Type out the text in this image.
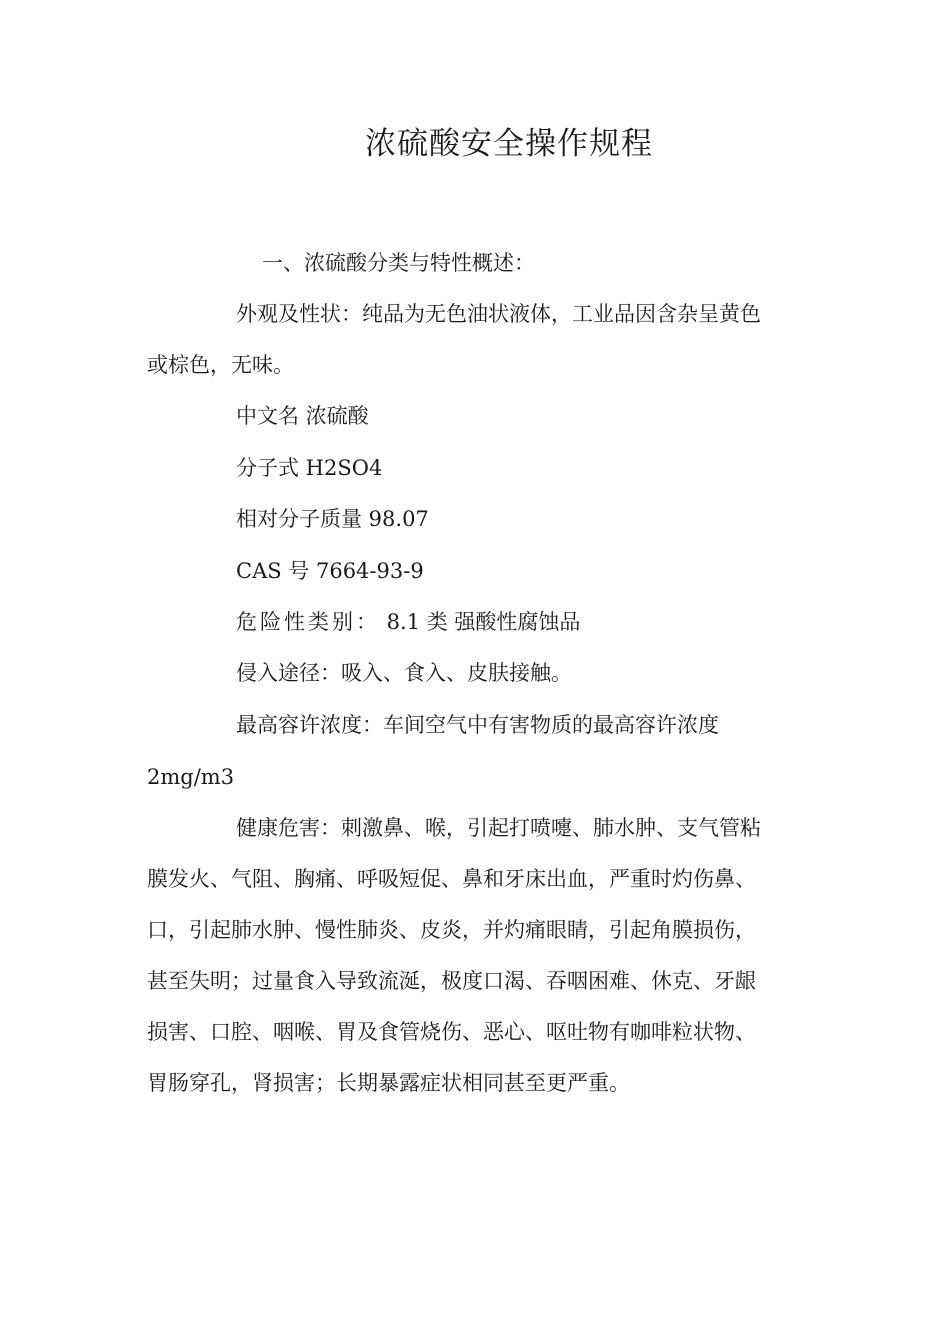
浓硫酸安全操作规程
一、浓硫酸分类与特性概述：
外观及性状：纯品为无色油状液体，工业品因含杂呈黄色
或棕色，无味。
中文名 浓硫酸
分子式 H2SO4
相对分子质量 98.07
CAS 号 7664-93-9
危险性类别： 8.1 类 强酸性腐蚀品
侵入途径：吸入、食入、皮肤接触。
最高容许浓度：车间空气中有害物质的最高容许浓度
2mg/m3
健康危害：刺激鼻、喉，引起打喷嚏、肺水肿、支气管粘
膜发火、气阻、胸痛、呼吸短促、鼻和牙床出血，严重时灼伤鼻、
口，引起肺水肿、慢性肺炎、皮炎，并灼痛眼睛，引起角膜损伤，
甚至失明；过量食入导致流涎，极度口渴、吞咽困难、休克、牙龈
损害、口腔、咽喉、胃及食管烧伤、恶心、呕吐物有咖啡粒状物、
胃肠穿孔，肾损害；长期暴露症状相同甚至更严重。
